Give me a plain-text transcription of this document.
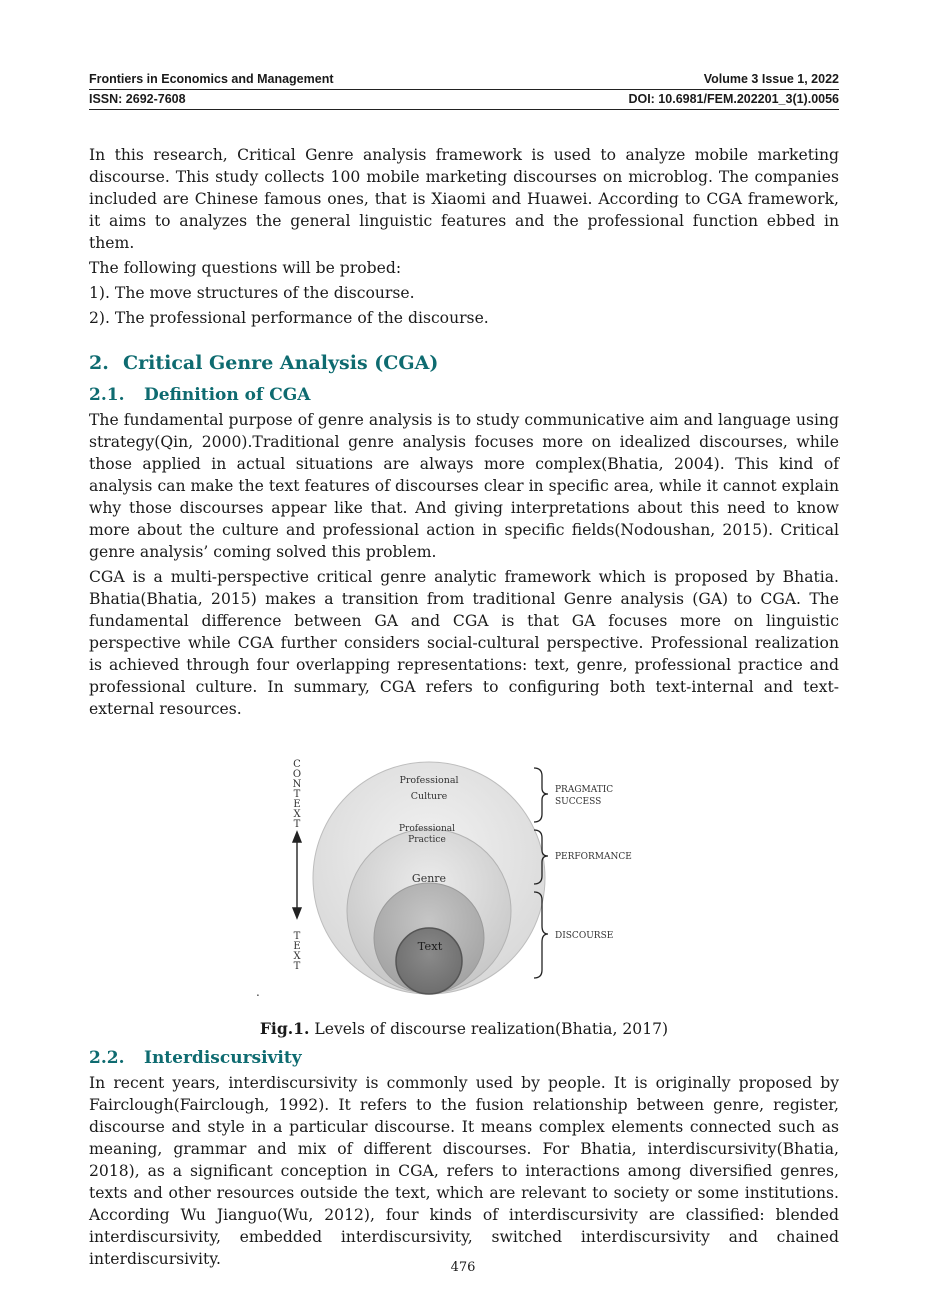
Frontiers in Economics and Management	Volume 3 Issue 1, 2022
ISSN: 2692-7608	DOI: 10.6981/FEM.202201_3(1).0056

In this research, Critical Genre analysis framework is used to analyze mobile marketing discourse. This study collects 100 mobile marketing discourses on microblog. The companies included are Chinese famous ones, that is Xiaomi and Huawei. According to CGA framework, it aims to analyzes the general linguistic features and the professional function ebbed in them.

The following questions will be probed:

1). The move structures of the discourse.

2). The professional performance of the discourse.

2. Critical Genre Analysis (CGA)
2.1. Definition of CGA

The fundamental purpose of genre analysis is to study communicative aim and language using strategy(Qin, 2000).Traditional genre analysis focuses more on idealized discourses, while those applied in actual situations are always more complex(Bhatia, 2004). This kind of analysis can make the text features of discourses clear in specific area, while it cannot explain why those discourses appear like that. And giving interpretations about this need to know more about the culture and professional action in specific fields(Nodoushan, 2015). Critical genre analysis’ coming solved this problem.

CGA is a multi-perspective critical genre analytic framework which is proposed by Bhatia. Bhatia(Bhatia, 2015) makes a transition from traditional Genre analysis (GA) to CGA. The fundamental difference between GA and CGA is that GA focuses more on linguistic perspective while CGA further considers social-cultural perspective. Professional realization is achieved through four overlapping representations: text, genre, professional practice and professional culture. In summary, CGA refers to configuring both text-internal and text-external resources.

C
O
N
T
E
X
T
T
E
X
T
Professional
Culture
Professional
Practice
Genre
Text
PRAGMATIC
SUCCESS
PERFORMANCE
DISCOURSE
.
Fig.1. Levels of discourse realization(Bhatia, 2017)
2.2. Interdiscursivity

In recent years, interdiscursivity is commonly used by people. It is originally proposed by Fairclough(Fairclough, 1992). It refers to the fusion relationship between genre, register, discourse and style in a particular discourse. It means complex elements connected such as meaning, grammar and mix of different discourses. For Bhatia, interdiscursivity(Bhatia, 2018), as a significant conception in CGA, refers to interactions among diversified genres, texts and other resources outside the text, which are relevant to society or some institutions. According Wu Jianguo(Wu, 2012), four kinds of interdiscursivity are classified: blended interdiscursivity, embedded interdiscursivity, switched interdiscursivity and chained interdiscursivity.	476
